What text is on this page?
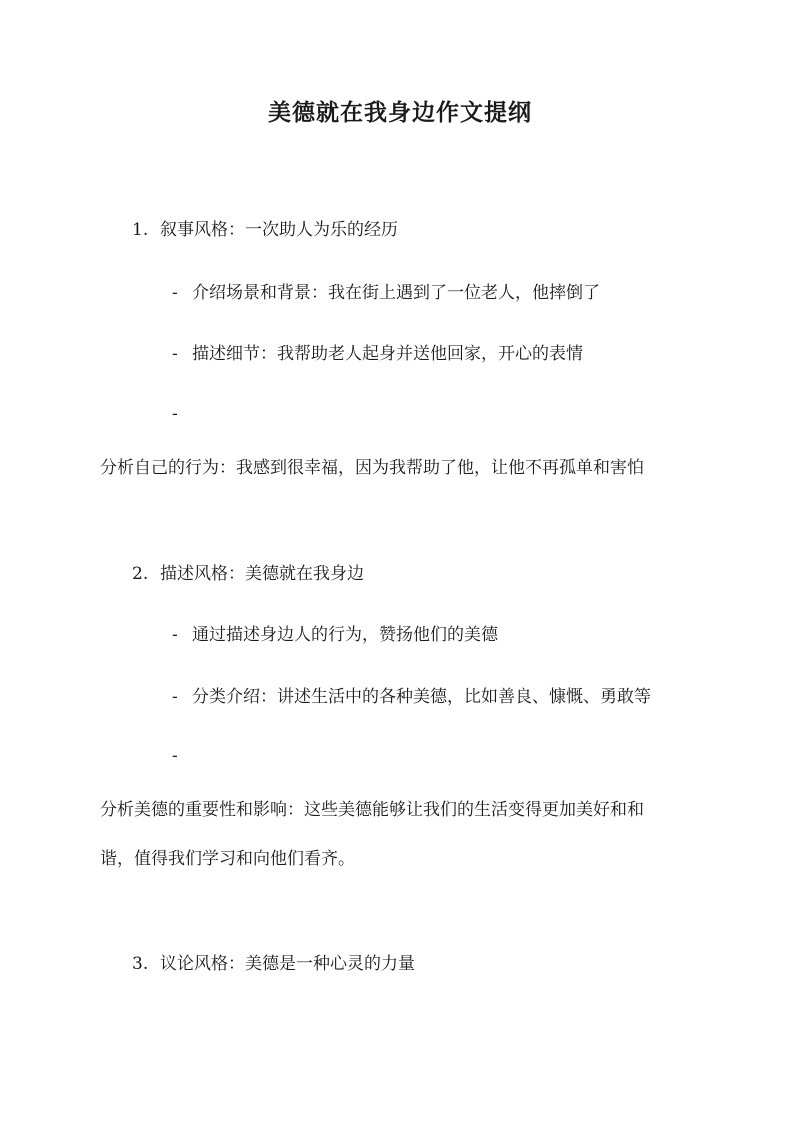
美德就在我身边作文提纲

1. 叙事风格：一次助人为乐的经历

- 介绍场景和背景：我在街上遇到了一位老人，他摔倒了

- 描述细节：我帮助老人起身并送他回家，开心的表情

-

分析自己的行为：我感到很幸福，因为我帮助了他，让他不再孤单和害怕

2. 描述风格：美德就在我身边

- 通过描述身边人的行为，赞扬他们的美德

- 分类介绍：讲述生活中的各种美德，比如善良、慷慨、勇敢等

-

分析美德的重要性和影响：这些美德能够让我们的生活变得更加美好和和

谐，值得我们学习和向他们看齐。

3. 议论风格：美德是一种心灵的力量
